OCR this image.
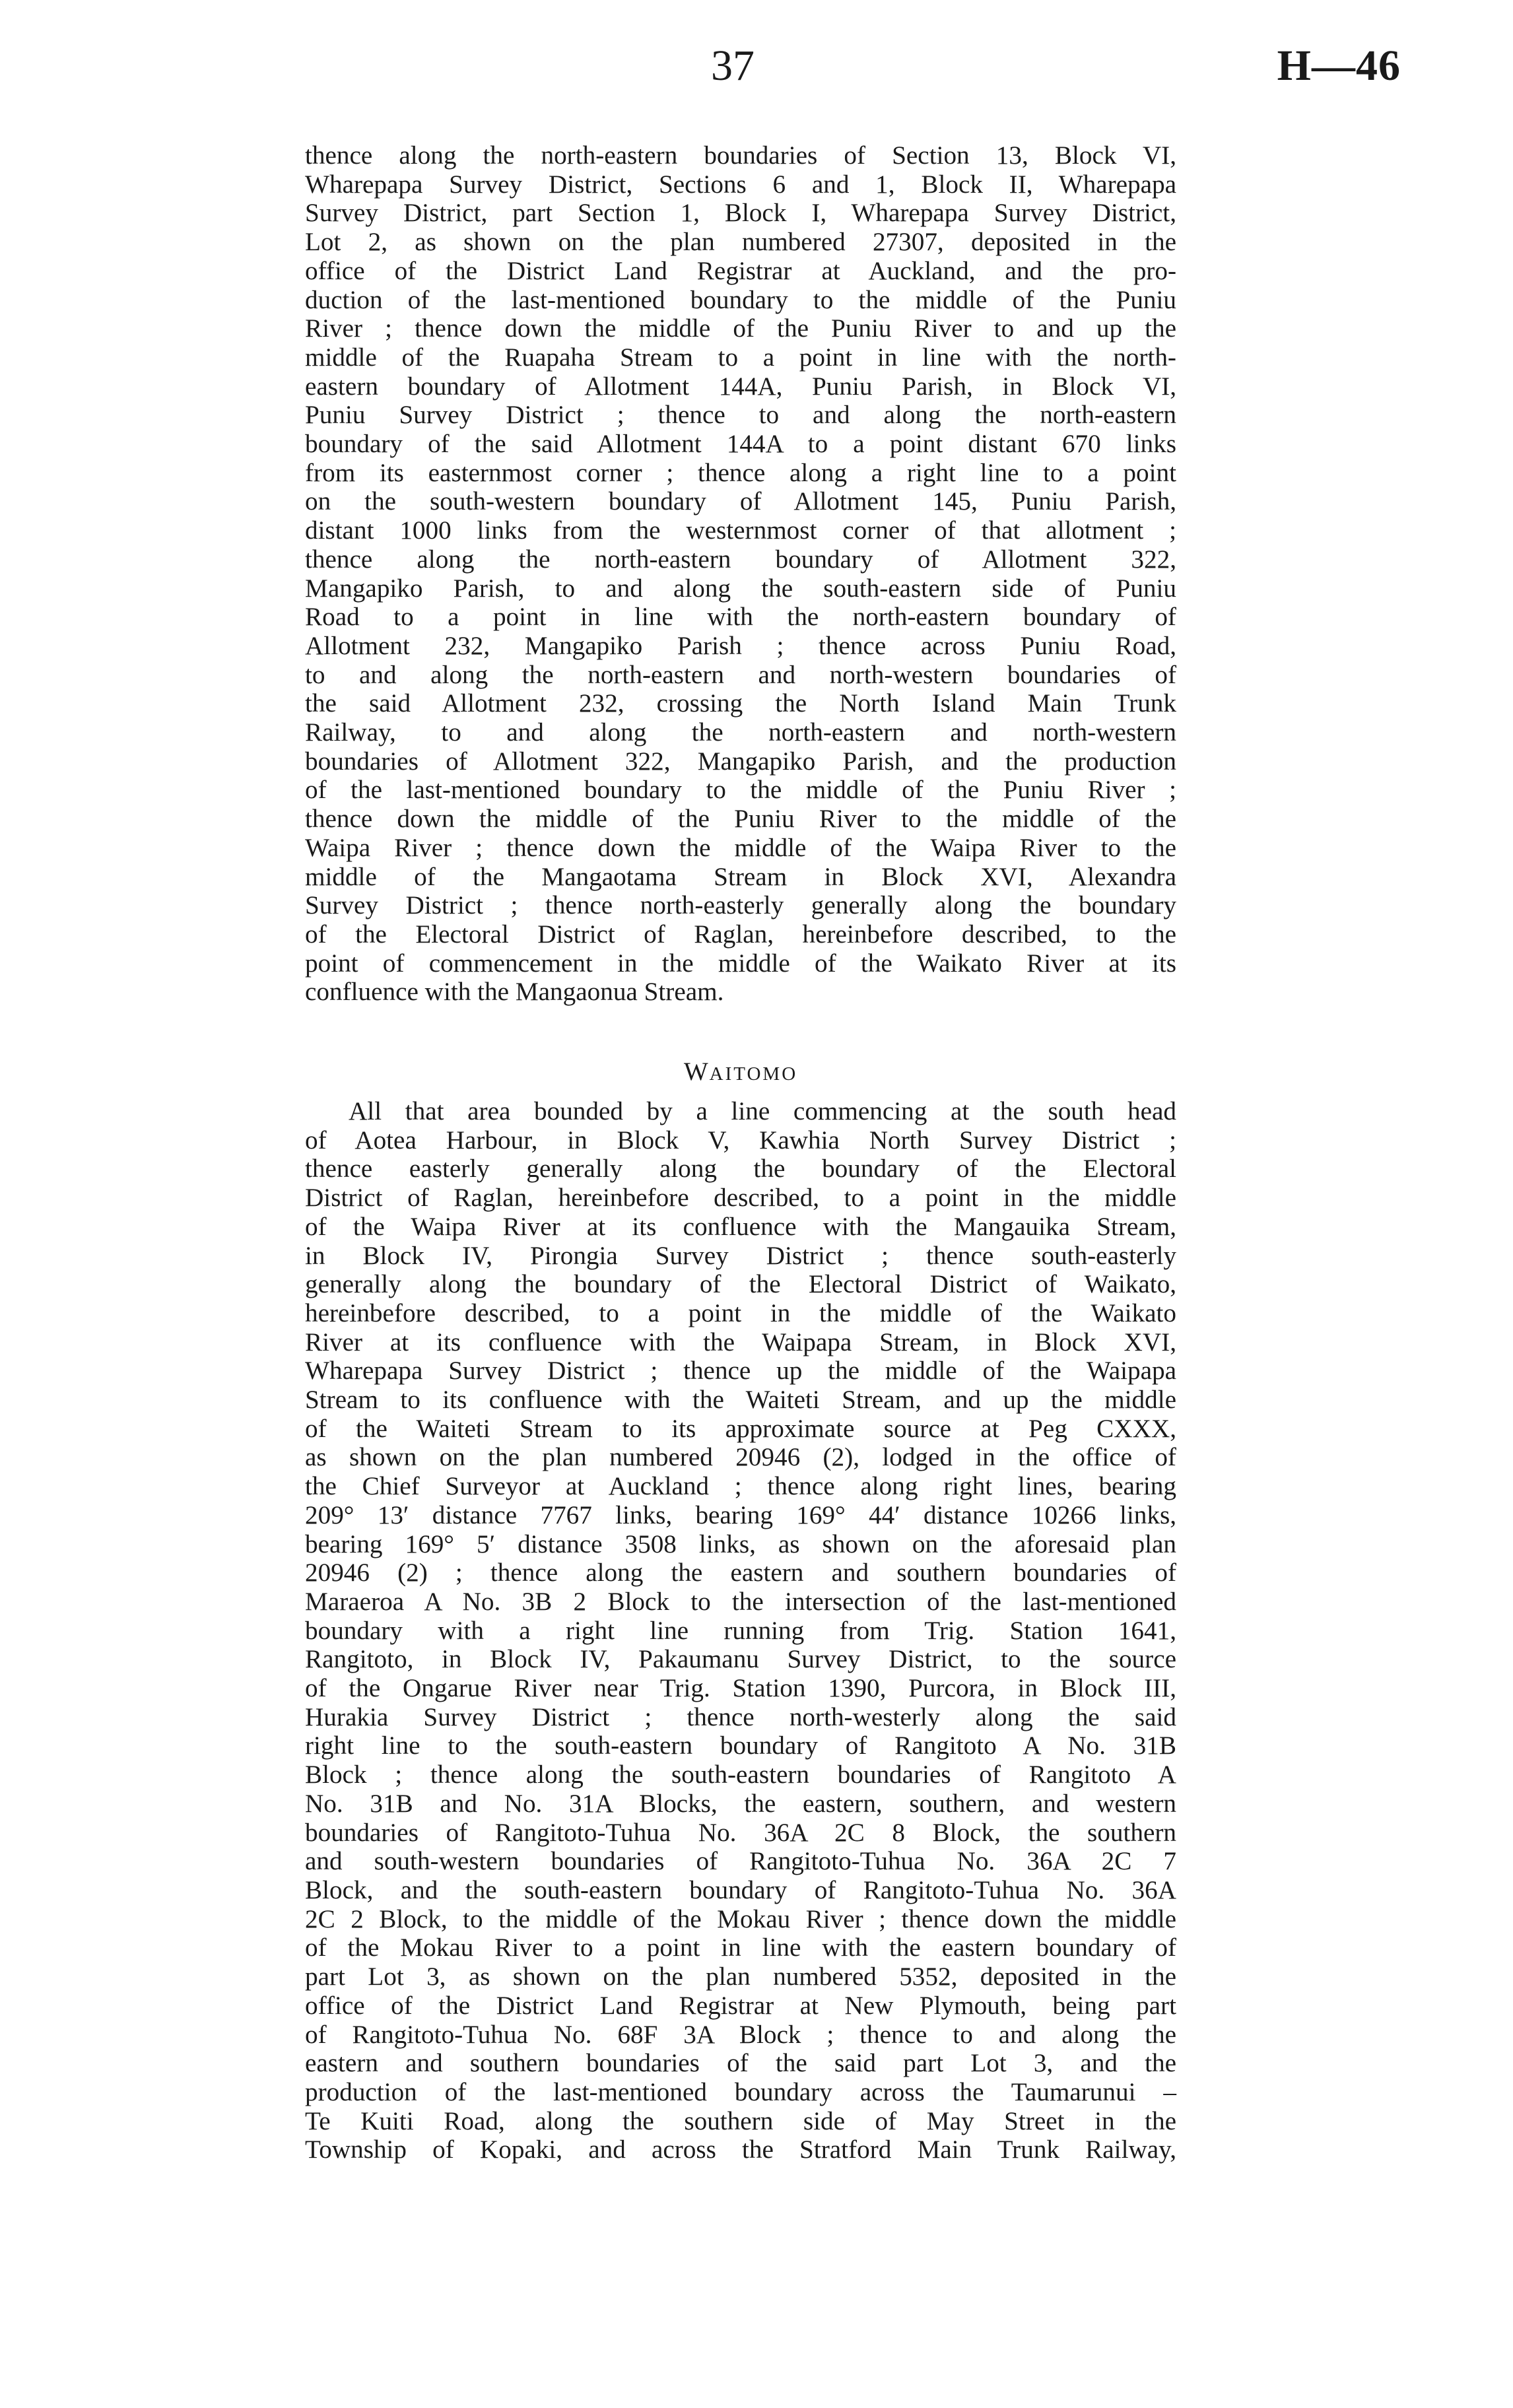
37	H—46

thence along the north-eastern boundaries of Section 13, Block VI,

Wharepapa Survey District, Sections 6 and 1, Block II, Wharepapa

Survey District, part Section 1, Block I, Wharepapa Survey District,

Lot 2, as shown on the plan numbered 27307, deposited in the

office of the District Land Registrar at Auckland, and the pro-

duction of the last-mentioned boundary to the middle of the Puniu

River ; thence down the middle of the Puniu River to and up the

middle of the Ruapaha Stream to a point in line with the north-

eastern boundary of Allotment 144A, Puniu Parish, in Block VI,

Puniu Survey District ; thence to and along the north-eastern

boundary of the said Allotment 144A to a point distant 670 links

from its easternmost corner ; thence along a right line to a point

on the south-western boundary of Allotment 145, Puniu Parish,

distant 1000 links from the westernmost corner of that allotment ;

thence along the north-eastern boundary of Allotment 322,

Mangapiko Parish, to and along the south-eastern side of Puniu

Road to a point in line with the north-eastern boundary of

Allotment 232, Mangapiko Parish ; thence across Puniu Road,

to and along the north-eastern and north-western boundaries of

the said Allotment 232, crossing the North Island Main Trunk

Railway, to and along the north-eastern and north-western

boundaries of Allotment 322, Mangapiko Parish, and the production

of the last-mentioned boundary to the middle of the Puniu River ;

thence down the middle of the Puniu River to the middle of the

Waipa River ; thence down the middle of the Waipa River to the

middle of the Mangaotama Stream in Block XVI, Alexandra

Survey District ; thence north-easterly generally along the boundary

of the Electoral District of Raglan, hereinbefore described, to the

point of commencement in the middle of the Waikato River at its

confluence with the Mangaonua Stream.

WAITOMO

All that area bounded by a line commencing at the south head

of Aotea Harbour, in Block V, Kawhia North Survey District ;

thence easterly generally along the boundary of the Electoral

District of Raglan, hereinbefore described, to a point in the middle

of the Waipa River at its confluence with the Mangauika Stream,

in Block IV, Pirongia Survey District ; thence south-easterly

generally along the boundary of the Electoral District of Waikato,

hereinbefore described, to a point in the middle of the Waikato

River at its confluence with the Waipapa Stream, in Block XVI,

Wharepapa Survey District ; thence up the middle of the Waipapa

Stream to its confluence with the Waiteti Stream, and up the middle

of the Waiteti Stream to its approximate source at Peg CXXX,

as shown on the plan numbered 20946 (2), lodged in the office of

the Chief Surveyor at Auckland ; thence along right lines, bearing

209° 13′ distance 7767 links, bearing 169° 44′ distance 10266 links,

bearing 169° 5′ distance 3508 links, as shown on the aforesaid plan

20946 (2) ; thence along the eastern and southern boundaries of

Maraeroa A No. 3B 2 Block to the intersection of the last-mentioned

boundary with a right line running from Trig. Station 1641,

Rangitoto, in Block IV, Pakaumanu Survey District, to the source

of the Ongarue River near Trig. Station 1390, Purcora, in Block III,

Hurakia Survey District ; thence north-westerly along the said

right line to the south-eastern boundary of Rangitoto A No. 31B

Block ; thence along the south-eastern boundaries of Rangitoto A

No. 31B and No. 31A Blocks, the eastern, southern, and western

boundaries of Rangitoto-Tuhua No. 36A 2C 8 Block, the southern

and south-western boundaries of Rangitoto-Tuhua No. 36A 2C 7

Block, and the south-eastern boundary of Rangitoto-Tuhua No. 36A

2C 2 Block, to the middle of the Mokau River ; thence down the middle

of the Mokau River to a point in line with the eastern boundary of

part Lot 3, as shown on the plan numbered 5352, deposited in the

office of the District Land Registrar at New Plymouth, being part

of Rangitoto-Tuhua No. 68F 3A Block ; thence to and along the

eastern and southern boundaries of the said part Lot 3, and the

production of the last-mentioned boundary across the Taumarunui –

Te Kuiti Road, along the southern side of May Street in the

Township of Kopaki, and across the Stratford Main Trunk Railway,
